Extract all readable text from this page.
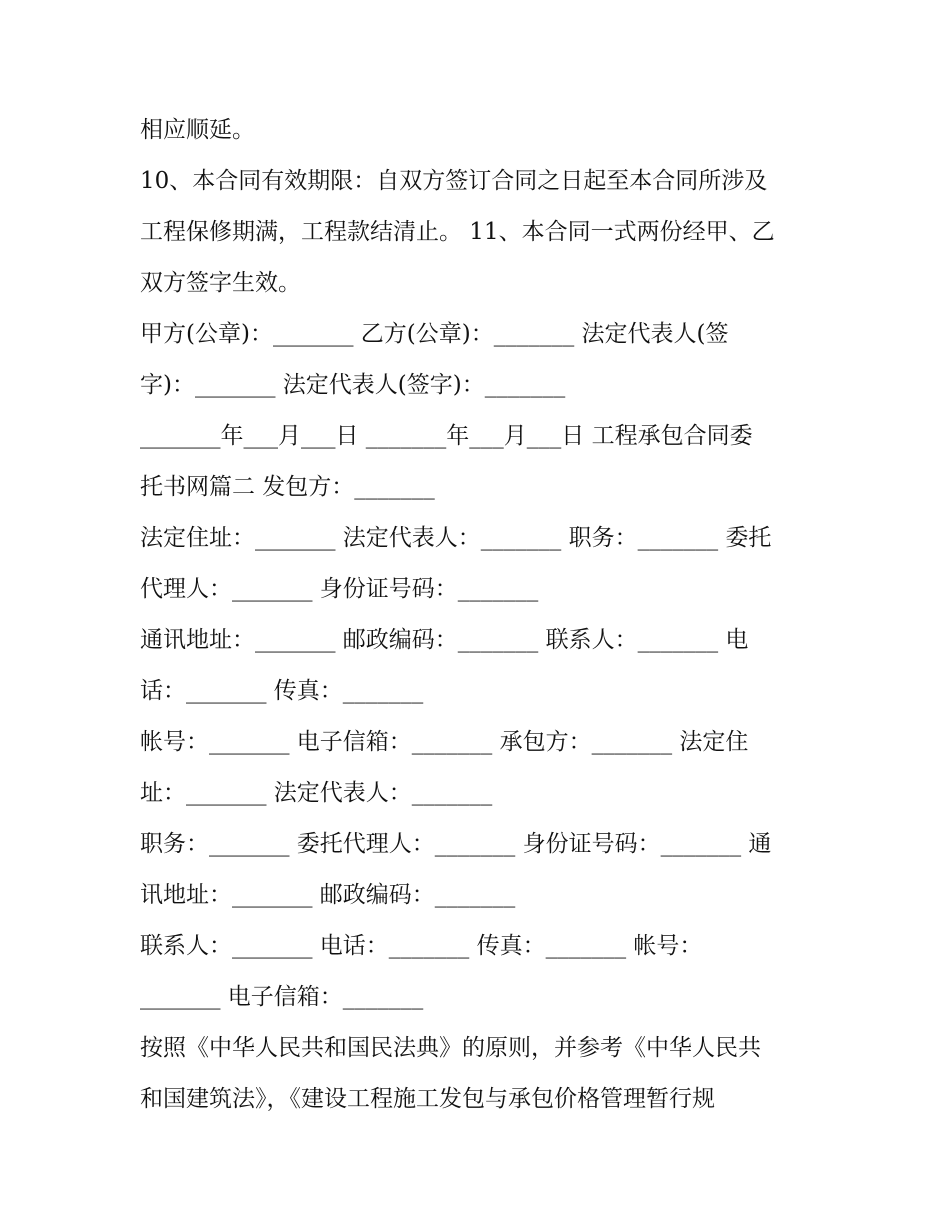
相应顺延。
10、本合同有效期限：自双方签订合同之日起至本合同所涉及
工程保修期满，工程款结清止。 11、本合同一式两份经甲、乙
双方签字生效。
甲方(公章)：_______ 乙方(公章)：_______ 法定代表人(签
字)：_______ 法定代表人(签字)：_______
_______年___月___日 _______年___月___日 工程承包合同委
托书网篇二 发包方：_______
法定住址：_______ 法定代表人：_______ 职务：_______ 委托
代理人：_______ 身份证号码：_______
通讯地址：_______ 邮政编码：_______ 联系人：_______ 电
话：_______ 传真：_______
帐号：_______ 电子信箱：_______ 承包方：_______ 法定住
址：_______ 法定代表人：_______
职务：_______ 委托代理人：_______ 身份证号码：_______ 通
讯地址：_______ 邮政编码：_______
联系人：_______ 电话：_______ 传真：_______ 帐号：
_______ 电子信箱：_______
按照《中华人民共和国民法典》的原则，并参考《中华人民共
和国建筑法》，《建设工程施工发包与承包价格管理暂行规
